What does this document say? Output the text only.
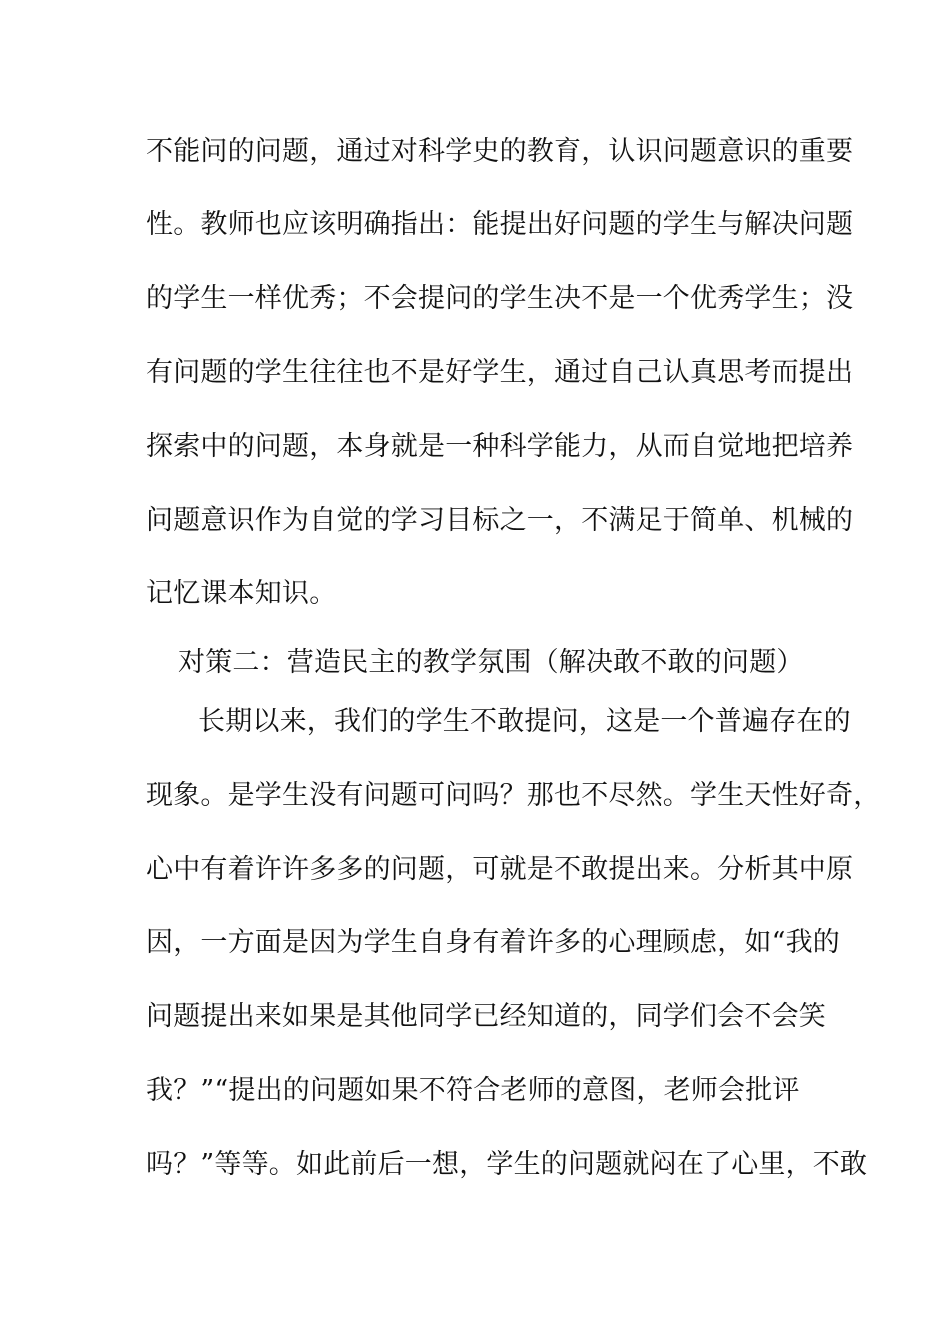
不能问的问题，通过对科学史的教育，认识问题意识的重要
性。教师也应该明确指出：能提出好问题的学生与解决问题
的学生一样优秀；不会提问的学生决不是一个优秀学生；没
有问题的学生往往也不是好学生，通过自己认真思考而提出
探索中的问题，本身就是一种科学能力，从而自觉地把培养
问题意识作为自觉的学习目标之一，不满足于简单、机械的
记忆课本知识。
对策二：营造民主的教学氛围（解决敢不敢的问题）
长期以来，我们的学生不敢提问，这是一个普遍存在的
现象。是学生没有问题可问吗？那也不尽然。学生天性好奇，
心中有着许许多多的问题，可就是不敢提出来。分析其中原
因，一方面是因为学生自身有着许多的心理顾虑，如“我的
问题提出来如果是其他同学已经知道的，同学们会不会笑
我？”“提出的问题如果不符合老师的意图，老师会批评
吗？”等等。如此前后一想，学生的问题就闷在了心里，不敢
